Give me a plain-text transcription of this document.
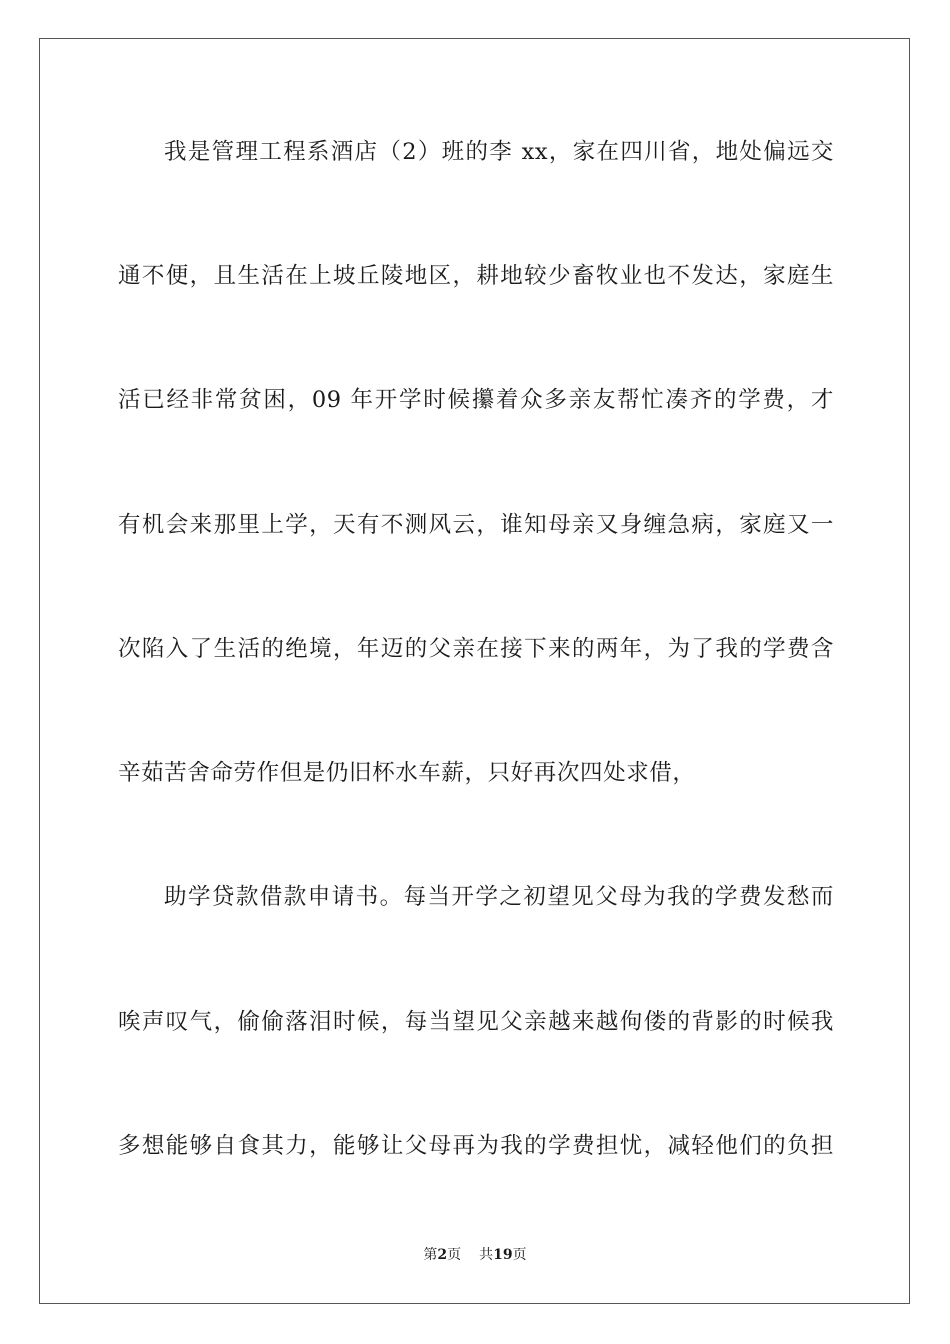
我是管理工程系酒店（2）班的李 xx，家在四川省，地处偏远交
通不便，且生活在上坡丘陵地区，耕地较少畜牧业也不发达，家庭生
活已经非常贫困，09 年开学时候攥着众多亲友帮忙凑齐的学费，才
有机会来那里上学，天有不测风云，谁知母亲又身缠急病，家庭又一
次陷入了生活的绝境，年迈的父亲在接下来的两年，为了我的学费含
辛茹苦舍命劳作但是仍旧杯水车薪，只好再次四处求借，
助学贷款借款申请书。每当开学之初望见父母为我的学费发愁而
唉声叹气，偷偷落泪时候，每当望见父亲越来越佝偻的背影的时候我
多想能够自食其力，能够让父母再为我的学费担忧，减轻他们的负担
第2页 共19页
